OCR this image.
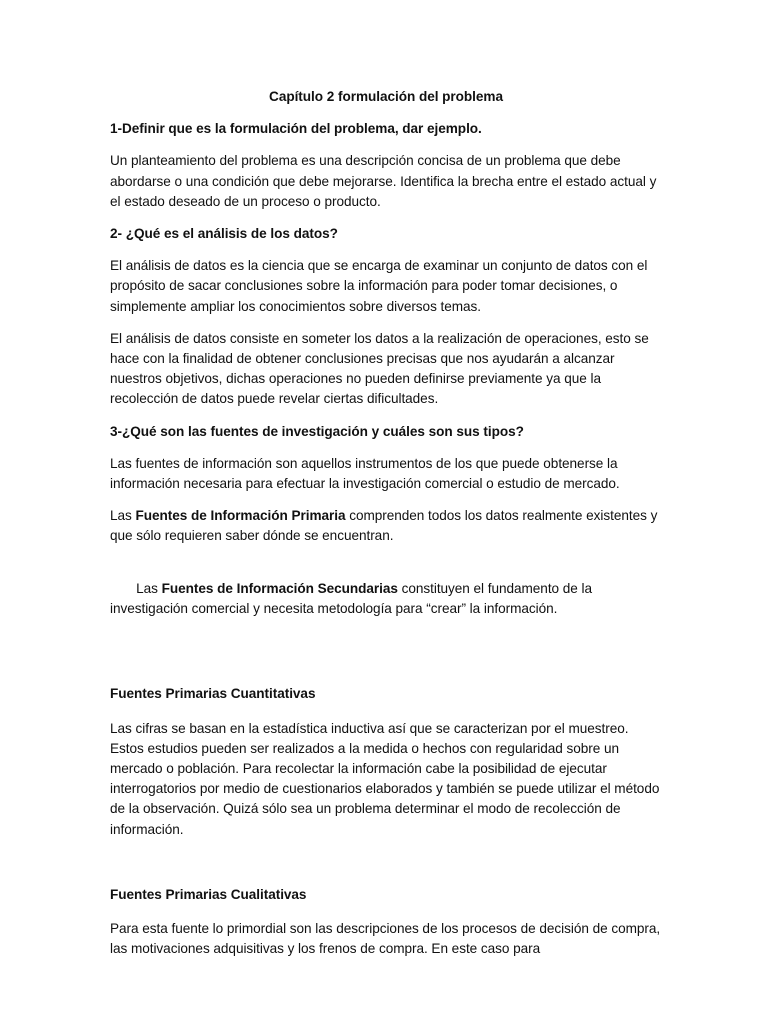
Capítulo 2 formulación del problema
1-Definir que es la formulación del problema, dar ejemplo.
Un planteamiento del problema es una descripción concisa de un problema que debe abordarse o una condición que debe mejorarse. Identifica la brecha entre el estado actual y el estado deseado de un proceso o producto.
2- ¿Qué es el análisis de los datos?
El análisis de datos es la ciencia que se encarga de examinar un conjunto de datos con el propósito de sacar conclusiones sobre la información para poder tomar decisiones, o simplemente ampliar los conocimientos sobre diversos temas.
El análisis de datos consiste en someter los datos a la realización de operaciones, esto se hace con la finalidad de obtener conclusiones precisas que nos ayudarán a alcanzar nuestros objetivos, dichas operaciones no pueden definirse previamente ya que la recolección de datos puede revelar ciertas dificultades.
3-¿Qué son las fuentes de investigación y cuáles son sus tipos?
Las fuentes de información son aquellos instrumentos de los que puede obtenerse la información necesaria para efectuar la investigación comercial o estudio de mercado.
Las Fuentes de Información Primaria comprenden todos los datos realmente existentes y que sólo requieren saber dónde se encuentran.

Las Fuentes de Información Secundarias constituyen el fundamento de la investigación comercial y necesita metodología para “crear” la información.

Fuentes Primarias Cuantitativas
Las cifras se basan en la estadística inductiva así que se caracterizan por el muestreo. Estos estudios pueden ser realizados a la medida o hechos con regularidad sobre un mercado o población. Para recolectar la información cabe la posibilidad de ejecutar interrogatorios por medio de cuestionarios elaborados y también se puede utilizar el método de la observación. Quizá sólo sea un problema determinar el modo de recolección de información.
Fuentes Primarias Cualitativas
Para esta fuente lo primordial son las descripciones de los procesos de decisión de compra, las motivaciones adquisitivas y los frenos de compra. En este caso para
